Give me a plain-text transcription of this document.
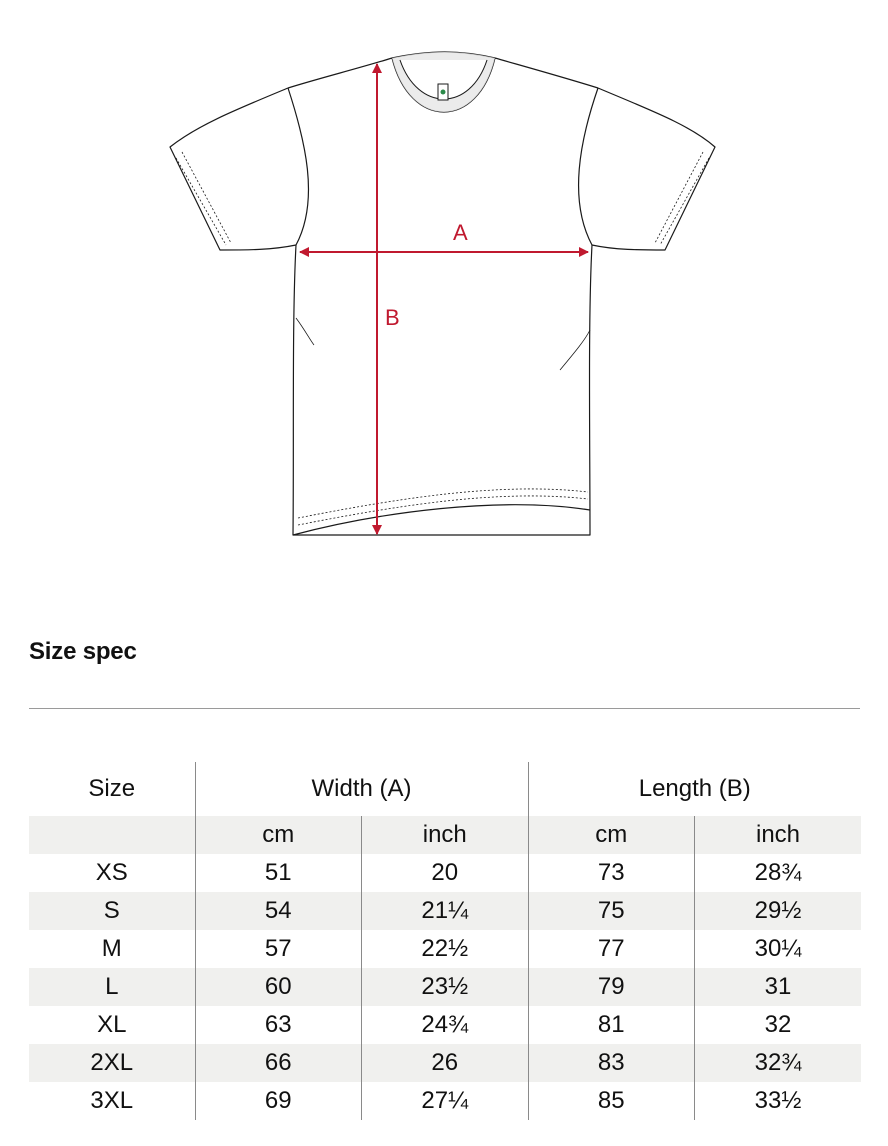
A
B
Size spec
Size	Width (A)		Length (B)	
	cm	inch	cm	inch
XS	51	20	73	28¾
S	54	21¼	75	29½
M	57	22½	77	30¼
L	60	23½	79	31
XL	63	24¾	81	32
2XL	66	26	83	32¾
3XL	69	27¼	85	33½
